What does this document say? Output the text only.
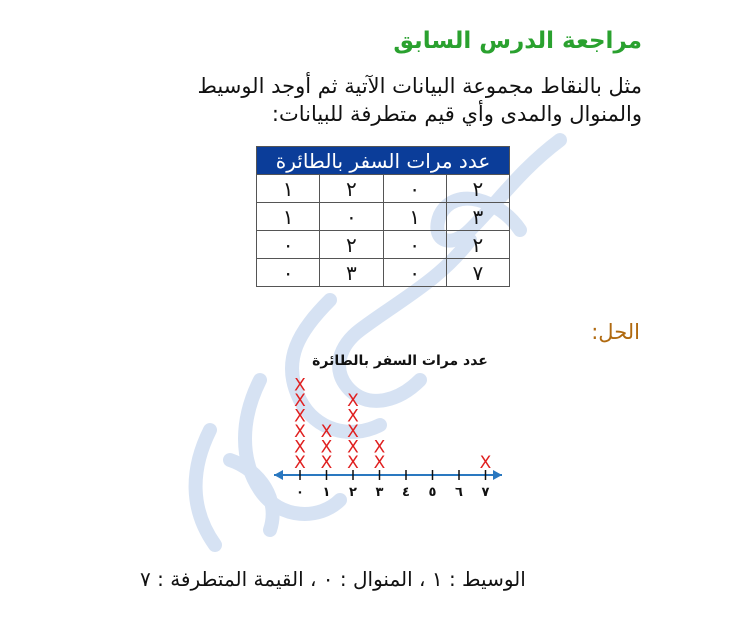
مراجعة الدرس السابق
مثل بالنقاط مجموعة البيانات الآتية ثم أوجد الوسيط والمنوال والمدى وأي قيم متطرفة للبيانات:
عدد مرات السفر بالطائرة			
٢	٠	٢	١
٣	١	٠	١
٢	٠	٢	٠
٧	٠	٣	٠
الحل:
عدد مرات السفر بالطائرة
٠ ١ ٢ ٣ ٤ ٥ ٦ ٧
X
X
X
X
X
X
X
X
X
X
X
X
X
X
X
X
X
الوسيط : ١ ، المنوال : ٠ ، القيمة المتطرفة : ٧
